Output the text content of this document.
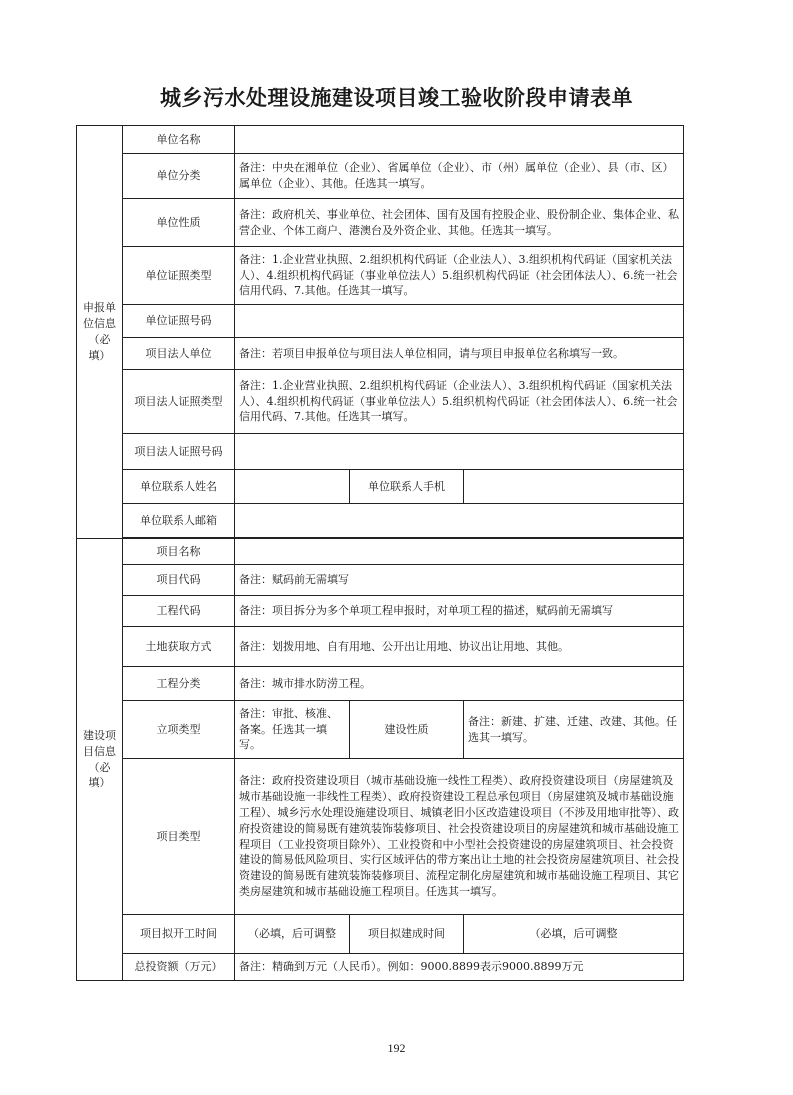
城乡污水处理设施建设项目竣工验收阶段申请表单
申报单位信息（必填）	单位名称			
	单位分类	备注：中央在湘单位（企业）、省属单位（企业）、市（州）属单位（企业）、县（市、区）属单位（企业）、其他。任选其一填写。		
	单位性质	备注：政府机关、事业单位、社会团体、国有及国有控股企业、股份制企业、集体企业、私营企业、个体工商户、港澳台及外资企业、其他。任选其一填写。		
	单位证照类型	备注：1.企业营业执照、2.组织机构代码证（企业法人）、3.组织机构代码证（国家机关法人）、4.组织机构代码证（事业单位法人）5.组织机构代码证（社会团体法人）、6.统一社会信用代码、7.其他。任选其一填写。		
	单位证照号码			
	项目法人单位	备注：若项目申报单位与项目法人单位相同，请与项目申报单位名称填写一致。		
	项目法人证照类型	备注：1.企业营业执照、2.组织机构代码证（企业法人）、3.组织机构代码证（国家机关法人）、4.组织机构代码证（事业单位法人）5.组织机构代码证（社会团体法人）、6.统一社会信用代码、7.其他。任选其一填写。		
	项目法人证照号码			
	单位联系人姓名		单位联系人手机	
	单位联系人邮箱			

建设项目信息（必填）	项目名称			
	项目代码	备注：赋码前无需填写		
	工程代码	备注：项目拆分为多个单项工程申报时，对单项工程的描述，赋码前无需填写		
	土地获取方式	备注：划拨用地、自有用地、公开出让用地、协议出让用地、其他。		
	工程分类	备注：城市排水防涝工程。		
	立项类型	备注：审批、核准、备案。任选其一填写。	建设性质	备注：新建、扩建、迁建、改建、其他。任选其一填写。
	项目类型	备注：政府投资建设项目（城市基础设施一线性工程类）、政府投资建设项目（房屋建筑及城市基础设施一非线性工程类）、政府投资建设工程总承包项目（房屋建筑及城市基础设施工程）、城乡污水处理设施建设项目、城镇老旧小区改造建设项目（不涉及用地审批等）、政府投资建设的简易既有建筑装饰装修项目、社会投资建设项目的房屋建筑和城市基础设施工程项目（工业投资项目除外）、工业投资和中小型社会投资建设的房屋建筑项目、社会投资建设的简易低风险项目、实行区域评估的带方案出让土地的社会投资房屋建筑项目、社会投资建设的简易既有建筑装饰装修项目、流程定制化房屋建筑和城市基础设施工程项目、其它类房屋建筑和城市基础设施工程项目。任选其一填写。		
	项目拟开工时间	（必填，后可调整	项目拟建成时间	（必填，后可调整
	总投资额（万元）	备注：精确到万元（人民币）。例如：9000.8899表示9000.8899万元		
192
